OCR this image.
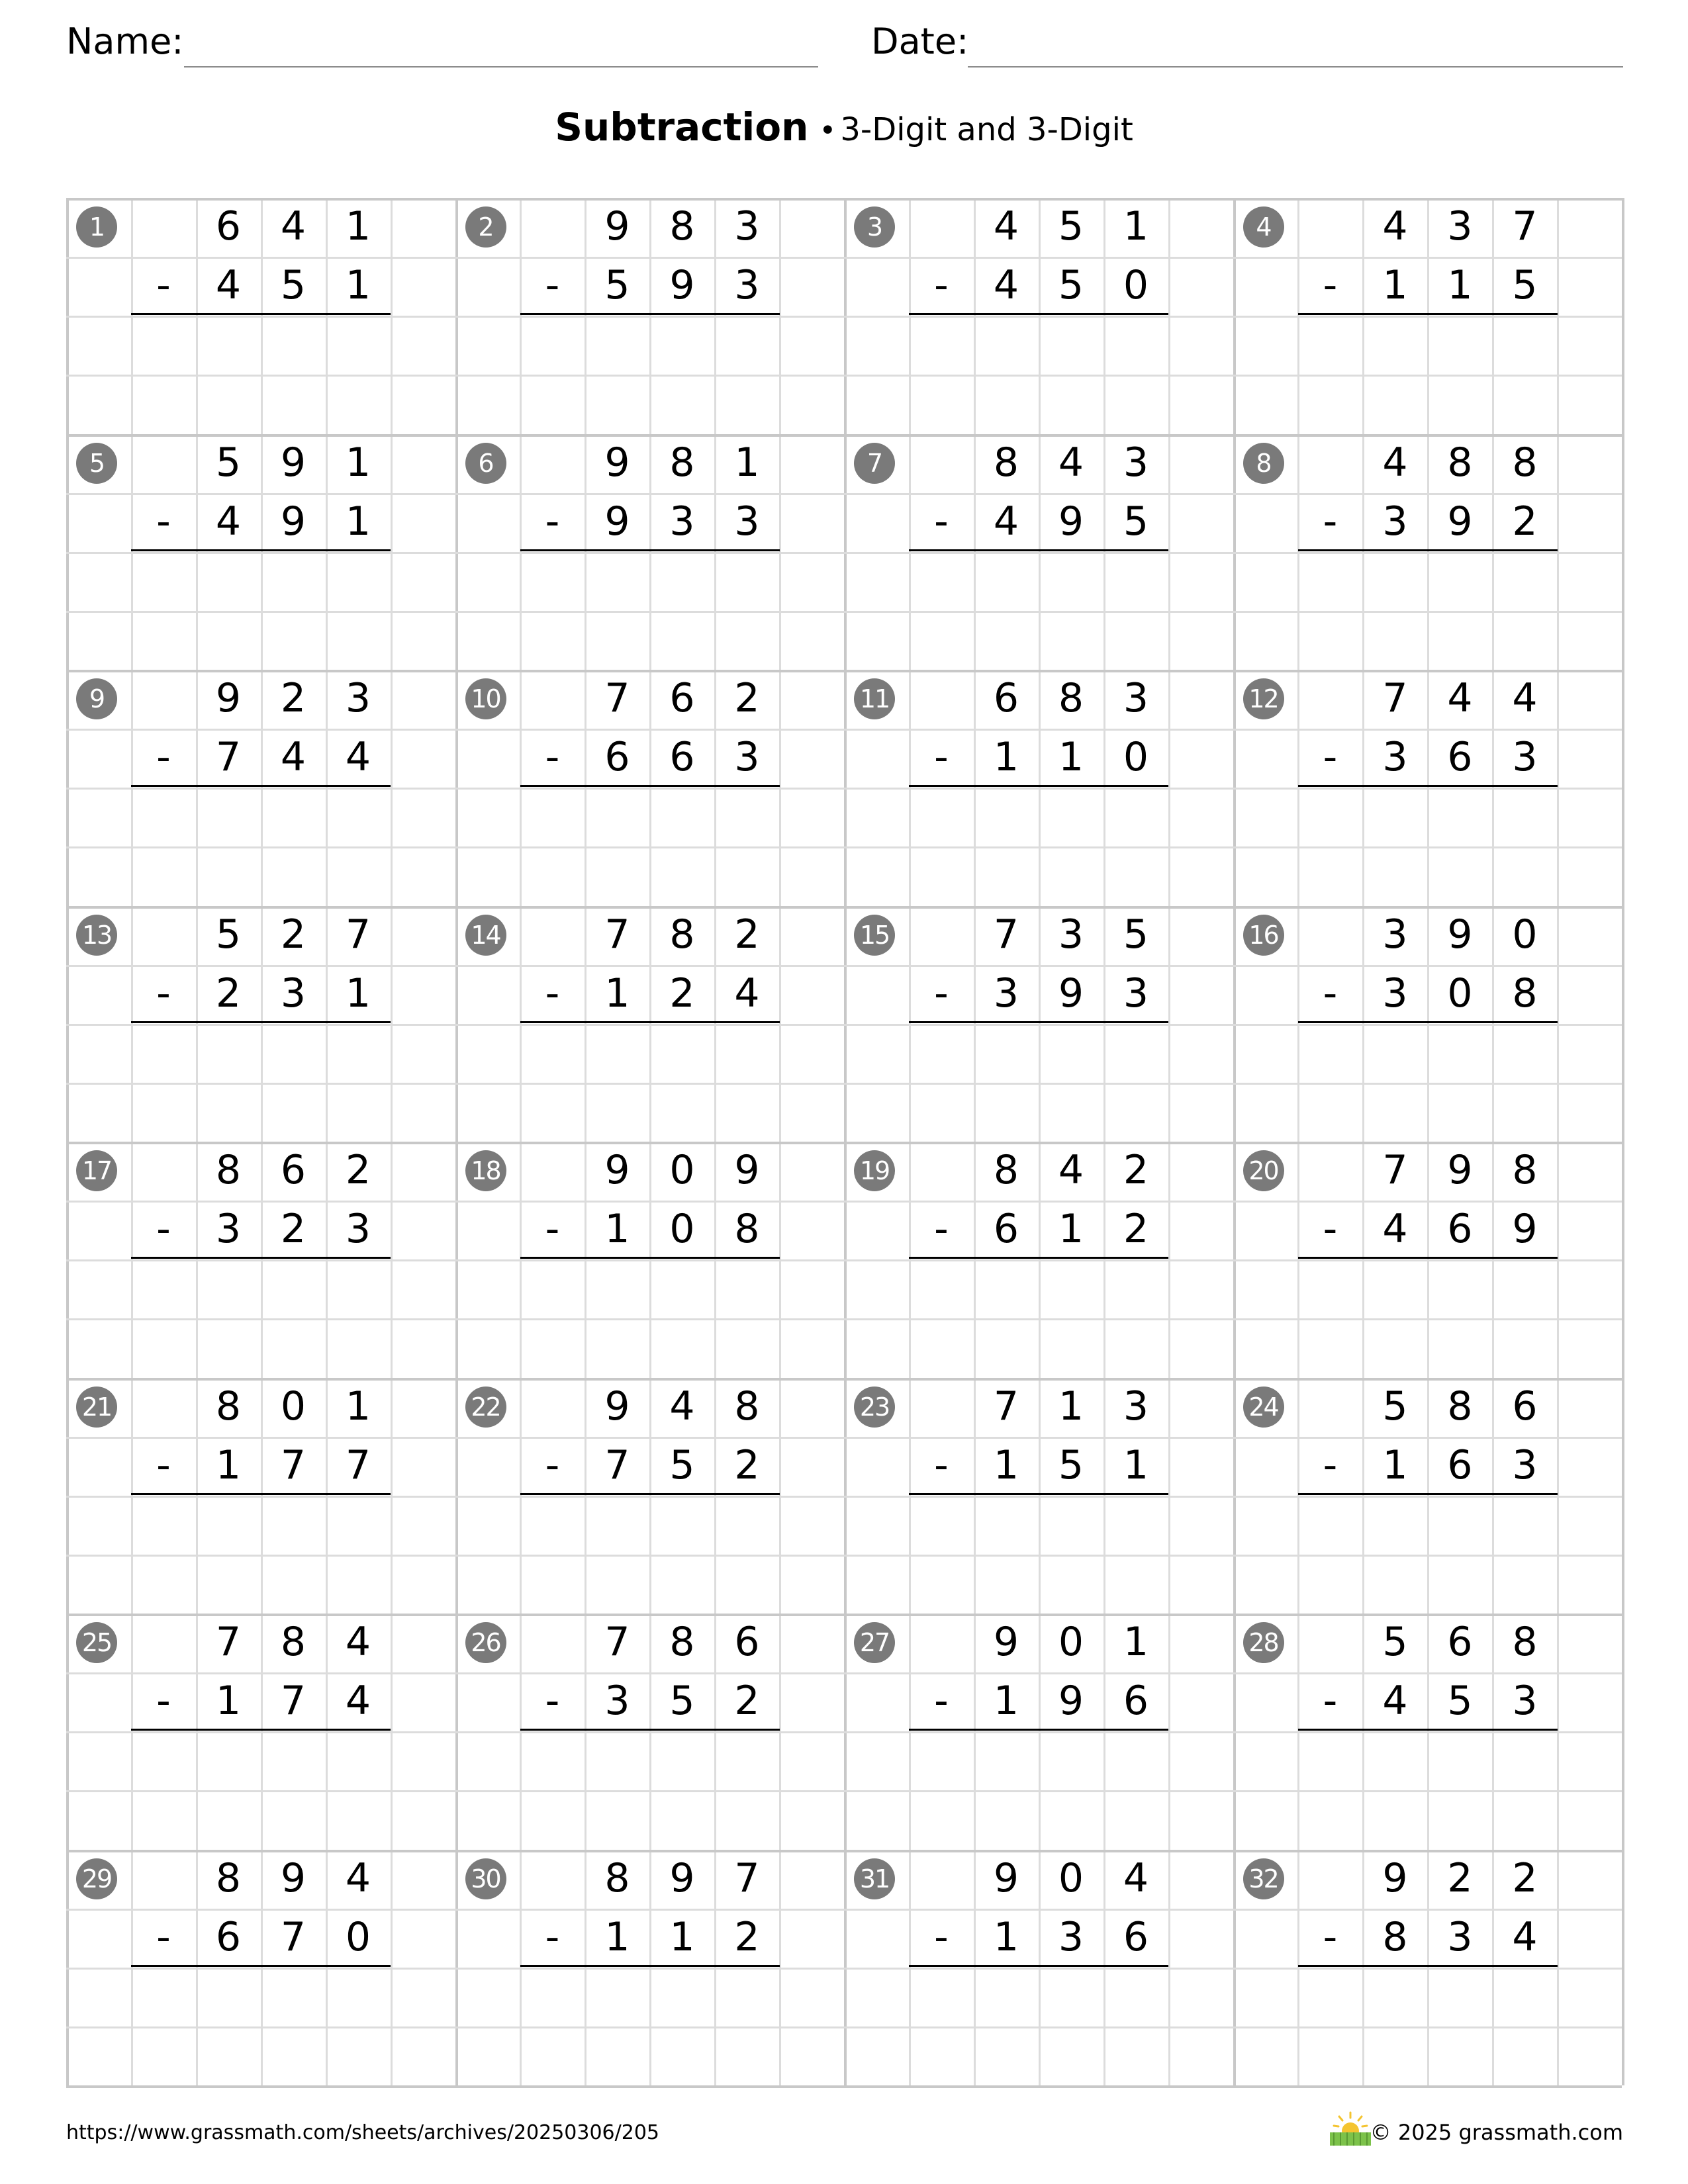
Name:	Date:
Subtraction • 3-Digit and 3-Digit
1	6 4 1
-	4 5 1
2	9 8 3
-	5 9 3
3	4 5 1
-	4 5 0
4	4 3 7
-	1 1 5
5	5 9 1
-	4 9 1
6	9 8 1
-	9 3 3
7	8 4 3
-	4 9 5
8	4 8 8
-	3 9 2
9	9 2 3
-	7 4 4
10	7 6 2
-	6 6 3
11	6 8 3
-	1 1 0
12	7 4 4
-	3 6 3
13	5 2 7
-	2 3 1
14	7 8 2
-	1 2 4
15	7 3 5
-	3 9 3
16	3 9 0
-	3 0 8
17	8 6 2
-	3 2 3
18	9 0 9
-	1 0 8
19	8 4 2
-	6 1 2
20	7 9 8
-	4 6 9
21	8 0 1
-	1 7 7
22	9 4 8
-	7 5 2
23	7 1 3
-	1 5 1
24	5 8 6
-	1 6 3
25	7 8 4
-	1 7 4
26	7 8 6
-	3 5 2
27	9 0 1
-	1 9 6
28	5 6 8
-	4 5 3
29	8 9 4
-	6 7 0
30	8 9 7
-	1 1 2
31	9 0 4
-	1 3 6
32	9 2 2
-	8 3 4
https://www.grassmath.com/sheets/archives/20250306/205	© 2025 grassmath.com
